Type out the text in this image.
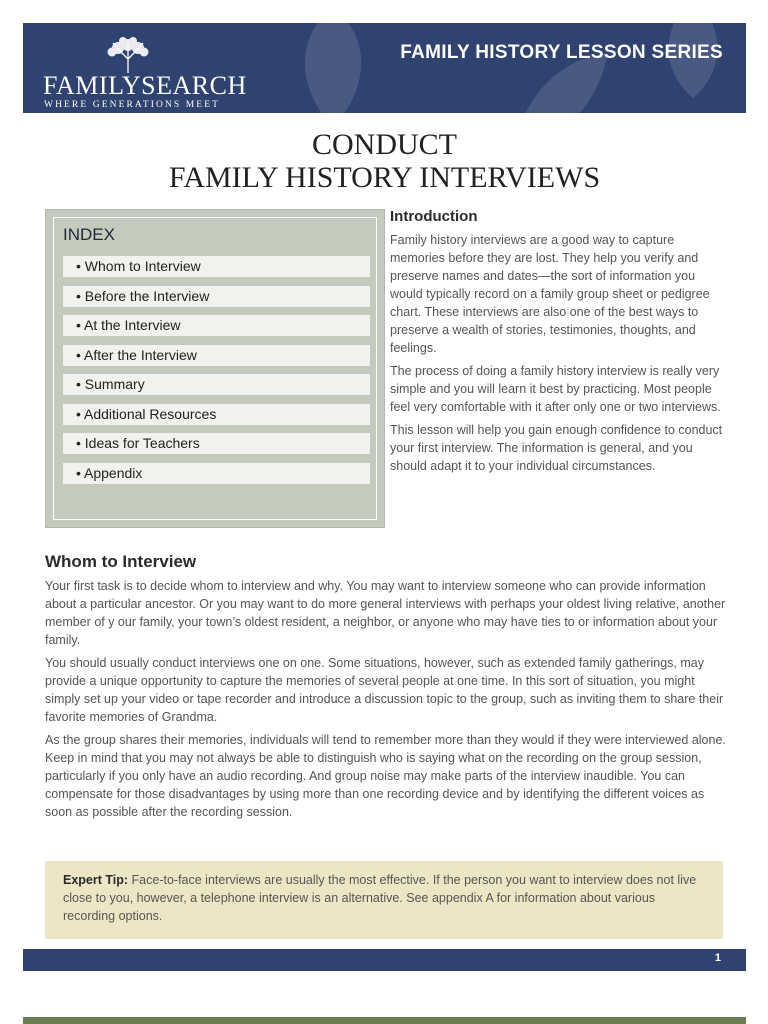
FAMILYSEARCH
WHERE GENERATIONS MEET
FAMILY HISTORY LESSON SERIES
CONDUCT
FAMILY HISTORY INTERVIEWS
INDEX
• Whom to Interview
• Before the Interview
• At the Interview
• After the Interview
• Summary
• Additional Resources
• Ideas for Teachers
• Appendix
Introduction

Family history interviews are a good way to capture memories before they are lost. They help you verify and preserve names and dates—the sort of information you would typically record on a family group sheet or pedigree chart. These interviews are also one of the best ways to preserve a wealth of stories, testimonies, thoughts, and feelings.

The process of doing a family history interview is really very simple and you will learn it best by practicing. Most people feel very comfortable with it after only one or two interviews.

This lesson will help you gain enough confidence to conduct your first interview. The information is general, and you should adapt it to your individual circumstances.

Whom to Interview

Your first task is to decide whom to interview and why. You may want to interview someone who can provide information about a particular ancestor. Or you may want to do more general interviews with perhaps your oldest living relative, another member of y our family, your town’s oldest resident, a neighbor, or anyone who may have ties to or information about your family.

You should usually conduct interviews one on one. Some situations, however, such as extended family gatherings, may provide a unique opportunity to capture the memories of several people at one time. In this sort of situation, you might simply set up your video or tape recorder and introduce a discussion topic to the group, such as inviting them to share their favorite memories of Grandma.

As the group shares their memories, individuals will tend to remember more than they would if they were interviewed alone. Keep in mind that you may not always be able to distinguish who is saying what on the recording on the group session, particularly if you only have an audio recording. And group noise may make parts of the interview inaudible. You can compensate for those disadvantages by using more than one recording device and by identifying the different voices as soon as possible after the recording session.

Expert Tip: Face-to-face interviews are usually the most effective. If the person you want to interview does not live close to you, however, a telephone interview is an alternative. See appendix A for information about various recording options.
1
